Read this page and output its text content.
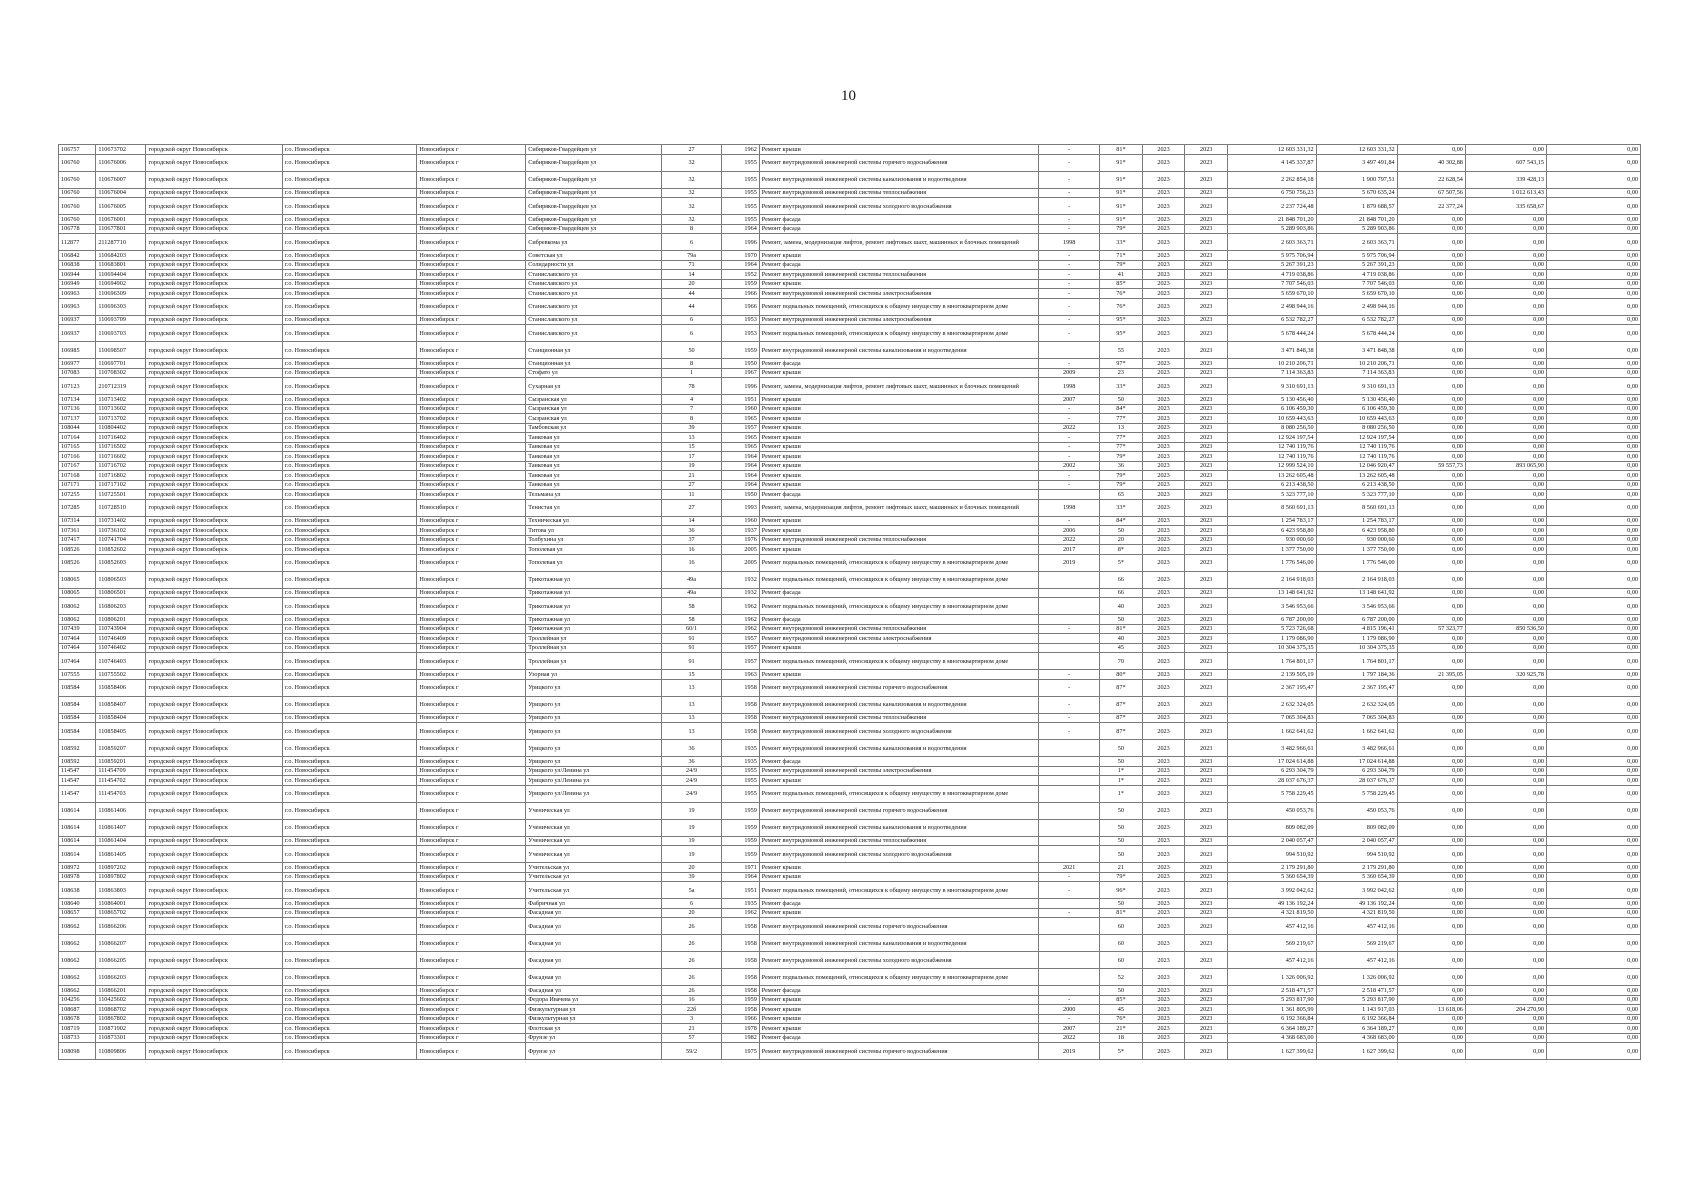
10
106757	110673702	городской округ Новосибирск	г.о. Новосибирск	Новосибирск г	Сибиряков-Гвардейцев ул	27	1962	Ремонт крыши	-	81*	2023	2023	12 603 331,32	12 603 331,32	0,00	0,00	0,00
106760	110676006	городской округ Новосибирск	г.о. Новосибирск	Новосибирск г	Сибиряков-Гвардейцев ул	32	1955	Ремонт внутридомовой инженерной системы горячего водоснабжения	-	91*	2023	2023	4 145 337,87	3 497 491,84	40 302,88	607 543,15	0,00
106760	110676007	городской округ Новосибирск	г.о. Новосибирск	Новосибирск г	Сибиряков-Гвардейцев ул	32	1955	Ремонт внутридомовой инженерной системы канализования и водоотведения	-	91*	2023	2023	2 262 854,18	1 900 797,51	22 628,54	339 428,13	0,00
106760	110676004	городской округ Новосибирск	г.о. Новосибирск	Новосибирск г	Сибиряков-Гвардейцев ул	32	1955	Ремонт внутридомовой инженерной системы теплоснабжения	-	91*	2023	2023	6 750 756,23	5 670 635,24	67 507,56	1 012 613,43	0,00
106760	110676005	городской округ Новосибирск	г.о. Новосибирск	Новосибирск г	Сибиряков-Гвардейцев ул	32	1955	Ремонт внутридомовой инженерной системы холодного водоснабжения	-	91*	2023	2023	2 237 724,48	1 879 688,57	22 377,24	335 658,67	0,00
106760	110676001	городской округ Новосибирск	г.о. Новосибирск	Новосибирск г	Сибиряков-Гвардейцев ул	32	1955	Ремонт фасада	-	91*	2023	2023	21 848 701,20	21 848 701,20	0,00	0,00	0,00
106778	110677801	городской округ Новосибирск	г.о. Новосибирск	Новосибирск г	Сибиряков-Гвардейцев ул	8	1964	Ремонт фасада	-	79*	2023	2023	5 289 903,86	5 289 903,86	0,00	0,00	0,00
112877	211287710	городской округ Новосибирск	г.о. Новосибирск	Новосибирск г	Сибревкома ул	6	1996	Ремонт, замена, модернизация лифтов, ремонт лифтовых шахт, машинных и блочных помещений	1998	33*	2023	2023	2 603 363,71	2 603 363,71	0,00	0,00	0,00
106842	110684203	городской округ Новосибирск	г.о. Новосибирск	Новосибирск г	Советская ул	79а	1970	Ремонт крыши	-	71*	2023	2023	5 975 706,94	5 975 706,94	0,00	0,00	0,00
106838	110683801	городской округ Новосибирск	г.о. Новосибирск	Новосибирск г	Солидарности ул	71	1964	Ремонт фасада	-	79*	2023	2023	5 267 391,23	5 267 391,23	0,00	0,00	0,00
106944	110694404	городской округ Новосибирск	г.о. Новосибирск	Новосибирск г	Станиславского ул	14	1952	Ремонт внутридомовой инженерной системы теплоснабжения	-	41	2023	2023	4 719 038,86	4 719 038,86	0,00	0,00	0,00
106949	110694902	городской округ Новосибирск	г.о. Новосибирск	Новосибирск г	Станиславского ул	20	1959	Ремонт крыши	-	85*	2023	2023	7 707 546,03	7 707 546,03	0,00	0,00	0,00
106963	110696309	городской округ Новосибирск	г.о. Новосибирск	Новосибирск г	Станиславского ул	44	1966	Ремонт внутридомовой инженерной системы электроснабжения	-	76*	2023	2023	5 659 670,10	5 659 670,10	0,00	0,00	0,00
106963	110696303	городской округ Новосибирск	г.о. Новосибирск	Новосибирск г	Станиславского ул	44	1966	Ремонт подвальных помещений, относящихся к общему имуществу в многоквартирном доме	-	76*	2023	2023	2 498 944,16	2 498 944,16	0,00	0,00	0,00
106937	110693709	городской округ Новосибирск	г.о. Новосибирск	Новосибирск г	Станиславского ул	6	1953	Ремонт внутридомовой инженерной системы электроснабжения	-	95*	2023	2023	6 532 782,27	6 532 782,27	0,00	0,00	0,00
106937	110693703	городской округ Новосибирск	г.о. Новосибирск	Новосибирск г	Станиславского ул	6	1953	Ремонт подвальных помещений, относящихся к общему имуществу в многоквартирном доме	-	95*	2023	2023	5 678 444,24	5 678 444,24	0,00	0,00	0,00
106985	110698507	городской округ Новосибирск	г.о. Новосибирск	Новосибирск г	Станционная ул	50	1959	Ремонт внутридомовой инженерной системы канализования и водоотведения		55	2023	2023	3 471 848,38	3 471 848,38	0,00	0,00	0,00
106977	110697701	городской округ Новосибирск	г.о. Новосибирск	Новосибирск г	Станционная ул	8	1950	Ремонт фасада	-	97*	2023	2023	10 210 206,71	10 210 206,71	0,00	0,00	0,00
107083	110708302	городской округ Новосибирск	г.о. Новосибирск	Новосибирск г	Стофато ул	1	1967	Ремонт крыши	2009	23	2023	2023	7 114 363,83	7 114 363,83	0,00	0,00	0,00
107123	210712319	городской округ Новосибирск	г.о. Новосибирск	Новосибирск г	Сухарная ул	78	1996	Ремонт, замена, модернизация лифтов, ремонт лифтовых шахт, машинных и блочных помещений	1998	33*	2023	2023	9 310 691,13	9 310 691,13	0,00	0,00	0,00
107134	110713402	городской округ Новосибирск	г.о. Новосибирск	Новосибирск г	Сызранская ул	4	1951	Ремонт крыши	2007	50	2023	2023	5 130 456,40	5 130 456,40	0,00	0,00	0,00
107136	110713602	городской округ Новосибирск	г.о. Новосибирск	Новосибирск г	Сызранская ул	7	1960	Ремонт крыши	-	84*	2023	2023	6 106 459,30	6 106 459,30	0,00	0,00	0,00
107137	110713702	городской округ Новосибирск	г.о. Новосибирск	Новосибирск г	Сызранская ул	8	1965	Ремонт крыши	-	77*	2023	2023	10 659 443,63	10 659 443,63	0,00	0,00	0,00
108044	110804402	городской округ Новосибирск	г.о. Новосибирск	Новосибирск г	Тамбовская ул	39	1957	Ремонт крыши	2022	13	2023	2023	8 080 256,50	8 080 256,50	0,00	0,00	0,00
107164	110716402	городской округ Новосибирск	г.о. Новосибирск	Новосибирск г	Танковая ул	13	1965	Ремонт крыши	-	77*	2023	2023	12 924 197,54	12 924 197,54	0,00	0,00	0,00
107165	110716502	городской округ Новосибирск	г.о. Новосибирск	Новосибирск г	Танковая ул	15	1965	Ремонт крыши	-	77*	2023	2023	12 740 119,76	12 740 119,76	0,00	0,00	0,00
107166	110716602	городской округ Новосибирск	г.о. Новосибирск	Новосибирск г	Танковая ул	17	1964	Ремонт крыши	-	79*	2023	2023	12 740 119,76	12 740 119,76	0,00	0,00	0,00
107167	110716702	городской округ Новосибирск	г.о. Новосибирск	Новосибирск г	Танковая ул	19	1964	Ремонт крыши	2002	36	2023	2023	12 999 524,10	12 046 920,47	59 557,73	893 065,90	0,00
107168	110716802	городской округ Новосибирск	г.о. Новосибирск	Новосибирск г	Танковая ул	21	1964	Ремонт крыши	-	79*	2023	2023	13 262 605,48	13 262 605,48	0,00	0,00	0,00
107171	110717102	городской округ Новосибирск	г.о. Новосибирск	Новосибирск г	Танковая ул	27	1964	Ремонт крыши	-	79*	2023	2023	6 213 438,50	6 213 438,50	0,00	0,00	0,00
107255	110725501	городской округ Новосибирск	г.о. Новосибирск	Новосибирск г	Тельмана ул	11	1950	Ремонт фасада		65	2023	2023	5 323 777,10	5 323 777,10	0,00	0,00	0,00
107285	110728510	городской округ Новосибирск	г.о. Новосибирск	Новосибирск г	Тенистая ул	27	1993	Ремонт, замена, модернизация лифтов, ремонт лифтовых шахт, машинных и блочных помещений	1998	33*	2023	2023	8 560 691,13	8 560 691,13	0,00	0,00	0,00
107314	110731402	городской округ Новосибирск	г.о. Новосибирск	Новосибирск г	Техническая ул	14	1960	Ремонт крыши	-	84*	2023	2023	1 254 783,17	1 254 783,17	0,00	0,00	0,00
107361	110736102	городской округ Новосибирск	г.о. Новосибирск	Новосибирск г	Титова ул	36	1937	Ремонт крыши	2006	50	2023	2023	6 423 958,80	6 423 958,80	0,00	0,00	0,00
107417	110741704	городской округ Новосибирск	г.о. Новосибирск	Новосибирск г	Толбухина ул	37	1976	Ремонт внутридомовой инженерной системы теплоснабжения	2022	20	2023	2023	930 000,60	930 000,60	0,00	0,00	0,00
108526	110852602	городской округ Новосибирск	г.о. Новосибирск	Новосибирск г	Тополевая ул	16	2005	Ремонт крыши	2017	8*	2023	2023	1 377 750,00	1 377 750,00	0,00	0,00	0,00
108526	110852603	городской округ Новосибирск	г.о. Новосибирск	Новосибирск г	Тополевая ул	16	2005	Ремонт подвальных помещений, относящихся к общему имуществу в многоквартирном доме	2019	5*	2023	2023	1 776 546,00	1 776 546,00	0,00	0,00	0,00
108065	110806503	городской округ Новосибирск	г.о. Новосибирск	Новосибирск г	Трикотажная ул	49а	1932	Ремонт подвальных помещений, относящихся к общему имуществу в многоквартирном доме		66	2023	2023	2 164 918,03	2 164 918,03	0,00	0,00	0,00
108065	110806501	городской округ Новосибирск	г.о. Новосибирск	Новосибирск г	Трикотажная ул	49а	1932	Ремонт фасада		66	2023	2023	13 148 641,92	13 148 641,92	0,00	0,00	0,00
108062	110806203	городской округ Новосибирск	г.о. Новосибирск	Новосибирск г	Трикотажная ул	58	1962	Ремонт подвальных помещений, относящихся к общему имуществу в многоквартирном доме		40	2023	2023	3 546 953,66	3 546 953,66	0,00	0,00	0,00
108062	110806201	городской округ Новосибирск	г.о. Новосибирск	Новосибирск г	Трикотажная ул	58	1962	Ремонт фасада		50	2023	2023	6 787 200,00	6 787 200,00	0,00	0,00	0,00
107439	110743904	городской округ Новосибирск	г.о. Новосибирск	Новосибирск г	Трикотажная ул	60/1	1962	Ремонт внутридомовой инженерной системы теплоснабжения	-	81*	2023	2023	5 723 726,68	4 815 196,41	57 323,77	850 536,50	0,00
107464	110746409	городской округ Новосибирск	г.о. Новосибирск	Новосибирск г	Троллейная ул	91	1957	Ремонт внутридомовой инженерной системы электроснабжения		40	2023	2023	1 179 086,90	1 179 086,90	0,00	0,00	0,00
107464	110746402	городской округ Новосибирск	г.о. Новосибирск	Новосибирск г	Троллейная ул	91	1957	Ремонт крыши		45	2023	2023	10 304 375,35	10 304 375,35	0,00	0,00	0,00
107464	110746403	городской округ Новосибирск	г.о. Новосибирск	Новосибирск г	Троллейная ул	91	1957	Ремонт подвальных помещений, относящихся к общему имуществу в многоквартирном доме		70	2023	2023	1 764 801,17	1 764 801,17	0,00	0,00	0,00
107555	110755502	городской округ Новосибирск	г.о. Новосибирск	Новосибирск г	Узорная ул	15	1963	Ремонт крыши	-	80*	2023	2023	2 139 505,19	1 797 184,36	21 395,05	320 925,78	0,00
108584	110858406	городской округ Новосибирск	г.о. Новосибирск	Новосибирск г	Урицкого ул	13	1958	Ремонт внутридомовой инженерной системы горячего водоснабжения	-	87*	2023	2023	2 367 195,47	2 367 195,47	0,00	0,00	0,00
108584	110858407	городской округ Новосибирск	г.о. Новосибирск	Новосибирск г	Урицкого ул	13	1958	Ремонт внутридомовой инженерной системы канализования и водоотведения	-	87*	2023	2023	2 632 324,05	2 632 324,05	0,00	0,00	0,00
108584	110858404	городской округ Новосибирск	г.о. Новосибирск	Новосибирск г	Урицкого ул	13	1958	Ремонт внутридомовой инженерной системы теплоснабжения	-	87*	2023	2023	7 065 304,83	7 065 304,83	0,00	0,00	0,00
108584	110858405	городской округ Новосибирск	г.о. Новосибирск	Новосибирск г	Урицкого ул	13	1958	Ремонт внутридомовой инженерной системы холодного водоснабжения	-	87*	2023	2023	1 662 641,62	1 662 641,62	0,00	0,00	0,00
108592	110859207	городской округ Новосибирск	г.о. Новосибирск	Новосибирск г	Урицкого ул	36	1935	Ремонт внутридомовой инженерной системы канализования и водоотведения		50	2023	2023	3 482 966,61	3 482 966,61	0,00	0,00	0,00
108592	110859201	городской округ Новосибирск	г.о. Новосибирск	Новосибирск г	Урицкого ул	36	1935	Ремонт фасада		50	2023	2023	17 024 614,88	17 024 614,88	0,00	0,00	0,00
114547	111454709	городской округ Новосибирск	г.о. Новосибирск	Новосибирск г	Урицкого ул/Ленина ул	24/9	1955	Ремонт внутридомовой инженерной системы электроснабжения		1*	2023	2023	6 293 304,79	6 293 304,79	0,00	0,00	0,00
114547	111454702	городской округ Новосибирск	г.о. Новосибирск	Новосибирск г	Урицкого ул/Ленина ул	24/9	1955	Ремонт крыши		1*	2023	2023	28 037 676,37	28 037 676,37	0,00	0,00	0,00
114547	111454703	городской округ Новосибирск	г.о. Новосибирск	Новосибирск г	Урицкого ул/Ленина ул	24/9	1955	Ремонт подвальных помещений, относящихся к общему имуществу в многоквартирном доме		1*	2023	2023	5 758 229,45	5 758 229,45	0,00	0,00	0,00
108614	110861406	городской округ Новосибирск	г.о. Новосибирск	Новосибирск г	Ученическая ул	19	1959	Ремонт внутридомовой инженерной системы горячего водоснабжения		50	2023	2023	450 053,76	450 053,76	0,00	0,00	0,00
108614	110861407	городской округ Новосибирск	г.о. Новосибирск	Новосибирск г	Ученическая ул	19	1959	Ремонт внутридомовой инженерной системы канализования и водоотведения		50	2023	2023	809 082,09	809 082,09	0,00	0,00	0,00
108614	110861404	городской округ Новосибирск	г.о. Новосибирск	Новосибирск г	Ученическая ул	19	1959	Ремонт внутридомовой инженерной системы теплоснабжения		50	2023	2023	2 040 057,47	2 040 057,47	0,00	0,00	0,00
108614	110861405	городской округ Новосибирск	г.о. Новосибирск	Новосибирск г	Ученическая ул	19	1959	Ремонт внутридомовой инженерной системы холодного водоснабжения		50	2023	2023	994 510,92	994 510,92	0,00	0,00	0,00
108972	110897202	городской округ Новосибирск	г.о. Новосибирск	Новосибирск г	Учительская ул	20	1971	Ремонт крыши	2021	21	2023	2023	2 179 291,80	2 179 291,80	0,00	0,00	0,00
108978	110897802	городской округ Новосибирск	г.о. Новосибирск	Новосибирск г	Учительская ул	39	1964	Ремонт крыши	-	79*	2023	2023	5 360 654,39	5 360 654,39	0,00	0,00	0,00
108638	110863803	городской округ Новосибирск	г.о. Новосибирск	Новосибирск г	Учительская ул	5а	1951	Ремонт подвальных помещений, относящихся к общему имуществу в многоквартирном доме	-	96*	2023	2023	3 992 042,62	3 992 042,62	0,00	0,00	0,00
108640	110864001	городской округ Новосибирск	г.о. Новосибирск	Новосибирск г	Фабричная ул	6	1935	Ремонт фасада		50	2023	2023	49 136 192,24	49 136 192,24	0,00	0,00	0,00
108657	110865702	городской округ Новосибирск	г.о. Новосибирск	Новосибирск г	Фасадная ул	20	1962	Ремонт крыши	-	81*	2023	2023	4 321 819,50	4 321 819,50	0,00	0,00	0,00
108662	110866206	городской округ Новосибирск	г.о. Новосибирск	Новосибирск г	Фасадная ул	26	1958	Ремонт внутридомовой инженерной системы горячего водоснабжения		60	2023	2023	457 412,16	457 412,16	0,00	0,00	0,00
108662	110866207	городской округ Новосибирск	г.о. Новосибирск	Новосибирск г	Фасадная ул	26	1958	Ремонт внутридомовой инженерной системы канализования и водоотведения		60	2023	2023	569 219,67	569 219,67	0,00	0,00	0,00
108662	110866205	городской округ Новосибирск	г.о. Новосибирск	Новосибирск г	Фасадная ул	26	1958	Ремонт внутридомовой инженерной системы холодного водоснабжения		60	2023	2023	457 412,16	457 412,16	0,00	0,00	0,00
108662	110866203	городской округ Новосибирск	г.о. Новосибирск	Новосибирск г	Фасадная ул	26	1958	Ремонт подвальных помещений, относящихся к общему имуществу в многоквартирном доме		52	2023	2023	1 326 006,92	1 326 006,92	0,00	0,00	0,00
108662	110866201	городской округ Новосибирск	г.о. Новосибирск	Новосибирск г	Фасадная ул	26	1958	Ремонт фасада		50	2023	2023	2 518 471,57	2 518 471,57	0,00	0,00	0,00
104256	110425602	городской округ Новосибирск	г.о. Новосибирск	Новосибирск г	Федора Ивачева ул	16	1959	Ремонт крыши	-	85*	2023	2023	5 293 817,90	5 293 817,90	0,00	0,00	0,00
108687	110868702	городской округ Новосибирск	г.о. Новосибирск	Новосибирск г	Физкультурная ул	22б	1958	Ремонт крыши	2000	45	2023	2023	1 361 805,99	1 143 917,03	13 618,06	204 270,90	0,00
108678	110867802	городской округ Новосибирск	г.о. Новосибирск	Новосибирск г	Физкультурная ул	3	1966	Ремонт крыши	-	76*	2023	2023	6 192 366,84	6 192 366,84	0,00	0,00	0,00
108719	110871902	городской округ Новосибирск	г.о. Новосибирск	Новосибирск г	Флотская ул	21	1978	Ремонт крыши	2007	21*	2023	2023	6 364 189,27	6 364 189,27	0,00	0,00	0,00
108733	110873301	городской округ Новосибирск	г.о. Новосибирск	Новосибирск г	Фрунзе ул	57	1982	Ремонт фасада	2022	18	2023	2023	4 368 683,00	4 368 683,00	0,00	0,00	0,00
108098	110809806	городской округ Новосибирск	г.о. Новосибирск	Новосибирск г	Фрунзе ул	59/2	1975	Ремонт внутридомовой инженерной системы горячего водоснабжения	2019	5*	2023	2023	1 627 399,62	1 627 399,62	0,00	0,00	0,00
